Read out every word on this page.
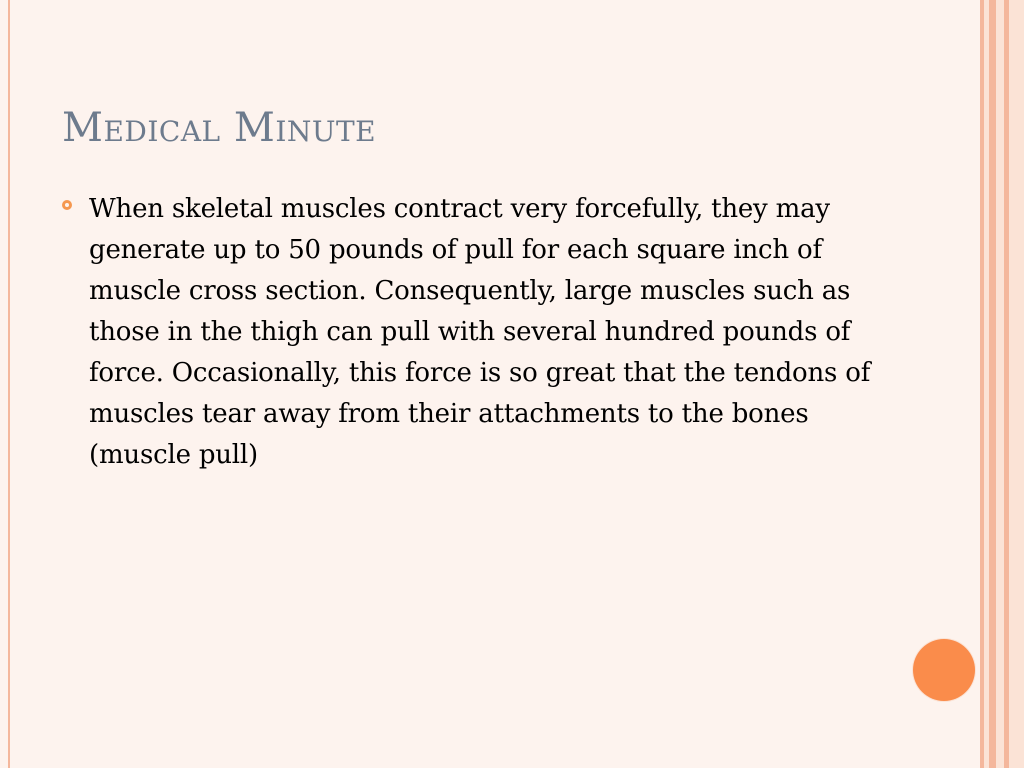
Medical Minute
When skeletal muscles contract very forcefully, they may generate up to 50 pounds of pull for each square inch of muscle cross section. Consequently, large muscles such as those in the thigh can pull with several hundred pounds of force. Occasionally, this force is so great that the tendons of muscles tear away from their attachments to the bones (muscle pull)
